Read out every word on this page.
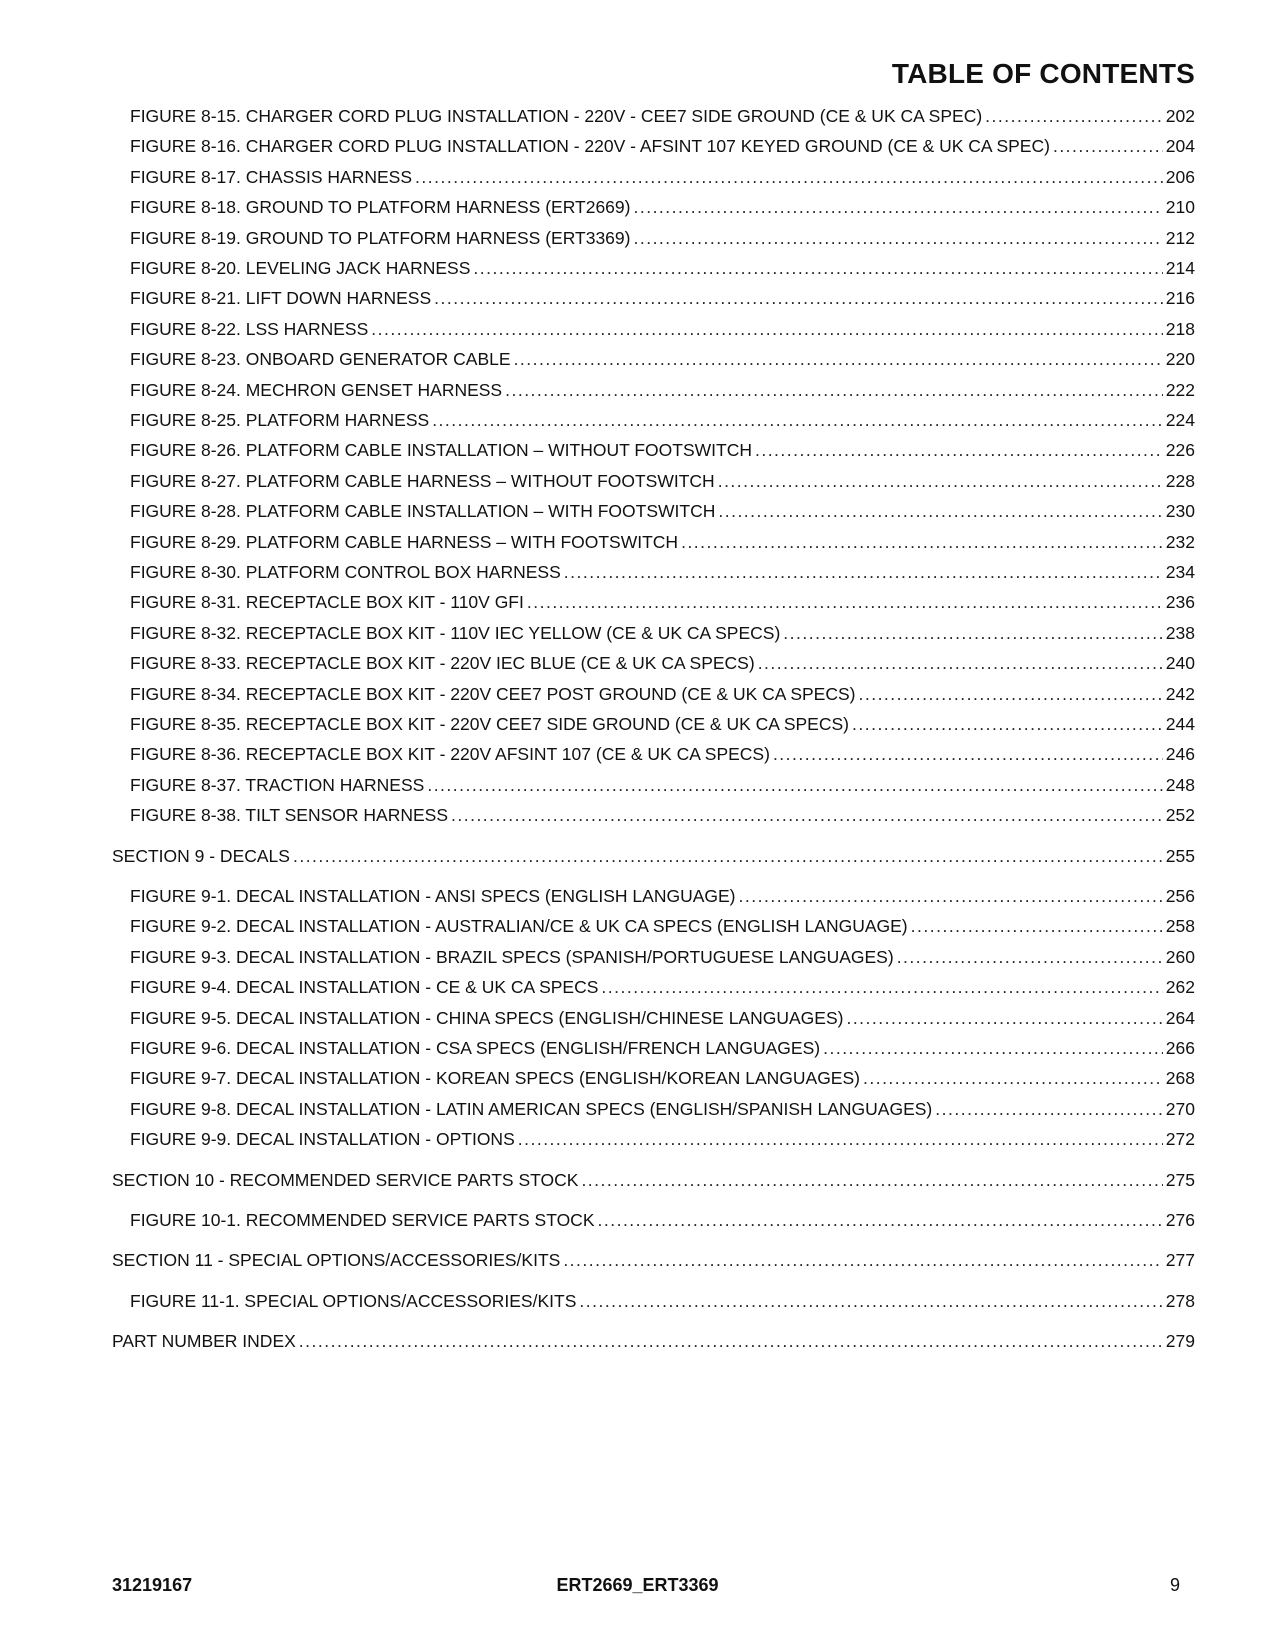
TABLE OF CONTENTS
FIGURE 8-15. CHARGER CORD PLUG INSTALLATION - 220V - CEE7 SIDE GROUND (CE & UK CA SPEC) .....	202
FIGURE 8-16. CHARGER CORD PLUG INSTALLATION - 220V - AFSINT 107 KEYED GROUND (CE & UK CA SPEC) .....	204
FIGURE 8-17. CHASSIS HARNESS .....	206
FIGURE 8-18. GROUND TO PLATFORM HARNESS (ERT2669) .....	210
FIGURE 8-19. GROUND TO PLATFORM HARNESS (ERT3369) .....	212
FIGURE 8-20. LEVELING JACK HARNESS .....	214
FIGURE 8-21. LIFT DOWN HARNESS .....	216
FIGURE 8-22. LSS HARNESS .....	218
FIGURE 8-23. ONBOARD GENERATOR CABLE .....	220
FIGURE 8-24. MECHRON GENSET HARNESS .....	222
FIGURE 8-25. PLATFORM HARNESS .....	224
FIGURE 8-26. PLATFORM CABLE INSTALLATION – WITHOUT FOOTSWITCH .....	226
FIGURE 8-27. PLATFORM CABLE HARNESS – WITHOUT FOOTSWITCH .....	228
FIGURE 8-28. PLATFORM CABLE INSTALLATION – WITH FOOTSWITCH .....	230
FIGURE 8-29. PLATFORM CABLE HARNESS – WITH FOOTSWITCH .....	232
FIGURE 8-30. PLATFORM CONTROL BOX HARNESS .....	234
FIGURE 8-31. RECEPTACLE BOX KIT - 110V GFI .....	236
FIGURE 8-32. RECEPTACLE BOX KIT - 110V IEC YELLOW (CE & UK CA SPECS) .....	238
FIGURE 8-33. RECEPTACLE BOX KIT - 220V IEC BLUE (CE & UK CA SPECS) .....	240
FIGURE 8-34. RECEPTACLE BOX KIT - 220V CEE7 POST GROUND (CE & UK CA SPECS) .....	242
FIGURE 8-35. RECEPTACLE BOX KIT - 220V CEE7 SIDE GROUND (CE & UK CA SPECS) .....	244
FIGURE 8-36. RECEPTACLE BOX KIT - 220V AFSINT 107 (CE & UK CA SPECS) .....	246
FIGURE 8-37. TRACTION HARNESS .....	248
FIGURE 8-38. TILT SENSOR HARNESS .....	252
SECTION 9 - DECALS .....	255
FIGURE 9-1. DECAL INSTALLATION - ANSI SPECS (ENGLISH LANGUAGE) .....	256
FIGURE 9-2. DECAL INSTALLATION - AUSTRALIAN/CE & UK CA SPECS (ENGLISH LANGUAGE) .....	258
FIGURE 9-3. DECAL INSTALLATION - BRAZIL SPECS (SPANISH/PORTUGUESE LANGUAGES) .....	260
FIGURE 9-4. DECAL INSTALLATION - CE & UK CA SPECS .....	262
FIGURE 9-5. DECAL INSTALLATION - CHINA SPECS (ENGLISH/CHINESE LANGUAGES) .....	264
FIGURE 9-6. DECAL INSTALLATION - CSA SPECS (ENGLISH/FRENCH LANGUAGES) .....	266
FIGURE 9-7. DECAL INSTALLATION - KOREAN SPECS (ENGLISH/KOREAN LANGUAGES) .....	268
FIGURE 9-8. DECAL INSTALLATION - LATIN AMERICAN SPECS (ENGLISH/SPANISH LANGUAGES) .....	270
FIGURE 9-9. DECAL INSTALLATION - OPTIONS .....	272
SECTION 10 - RECOMMENDED SERVICE PARTS STOCK .....	275
FIGURE 10-1. RECOMMENDED SERVICE PARTS STOCK .....	276
SECTION 11 - SPECIAL OPTIONS/ACCESSORIES/KITS .....	277
FIGURE 11-1. SPECIAL OPTIONS/ACCESSORIES/KITS .....	278
PART NUMBER INDEX .....	279
31219167	ERT2669_ERT3369	9
